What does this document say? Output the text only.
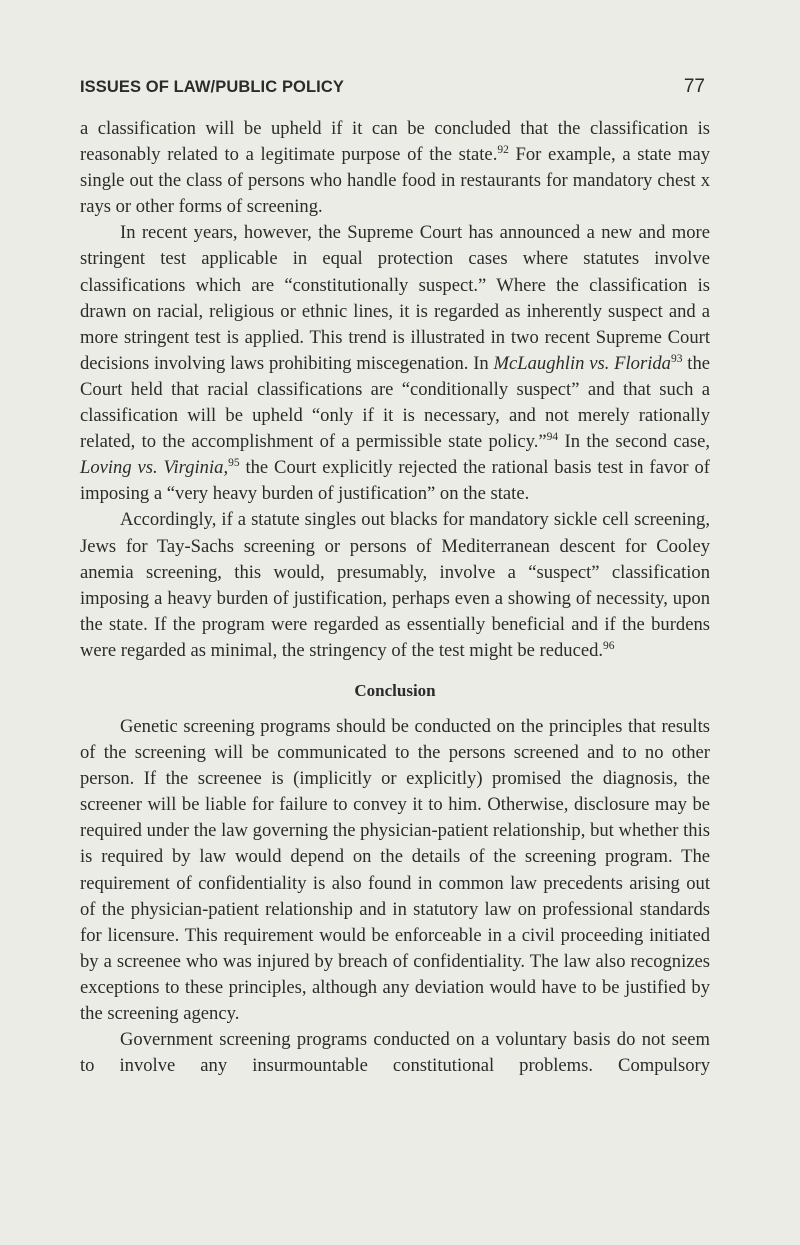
ISSUES OF LAW/PUBLIC POLICY	77

a classification will be upheld if it can be concluded that the classification is reasonably related to a legitimate purpose of the state.$^{92}$ For example, a state may single out the class of persons who handle food in restaurants for mandatory chest x rays or other forms of screening.

In recent years, however, the Supreme Court has announced a new and more stringent test applicable in equal protection cases where statutes involve classifications which are “constitutionally suspect.” Where the classification is drawn on racial, religious or ethnic lines, it is regarded as inherently suspect and a more stringent test is applied. This trend is illustrated in two recent Supreme Court decisions involving laws prohibiting miscegenation. In McLaughlin vs. Florida$^{93}$ the Court held that racial classifications are “conditionally suspect” and that such a classification will be upheld “only if it is necessary, and not merely rationally related, to the accomplishment of a permissible state policy.”$^{94}$ In the second case, Loving vs. Virginia,$^{95}$ the Court explicitly rejected the rational basis test in favor of imposing a “very heavy burden of justification” on the state.

Accordingly, if a statute singles out blacks for mandatory sickle cell screening, Jews for Tay-Sachs screening or persons of Mediterranean descent for Cooley anemia screening, this would, presumably, involve a “suspect” classification imposing a heavy burden of justification, perhaps even a showing of necessity, upon the state. If the program were regarded as essentially beneficial and if the burdens were regarded as minimal, the stringency of the test might be reduced.$^{96}$

Conclusion

Genetic screening programs should be conducted on the principles that results of the screening will be communicated to the persons screened and to no other person. If the screenee is (implicitly or explicitly) promised the diagnosis, the screener will be liable for failure to convey it to him. Otherwise, disclosure may be required under the law governing the physician-patient relationship, but whether this is required by law would depend on the details of the screening program. The requirement of confidentiality is also found in common law precedents arising out of the physician-patient relationship and in statutory law on professional standards for licensure. This requirement would be enforceable in a civil proceeding initiated by a screenee who was injured by breach of confidentiality. The law also recognizes exceptions to these principles, although any deviation would have to be justified by the screening agency.

Government screening programs conducted on a voluntary basis do not seem to involve any insurmountable constitutional problems. Compulsory
